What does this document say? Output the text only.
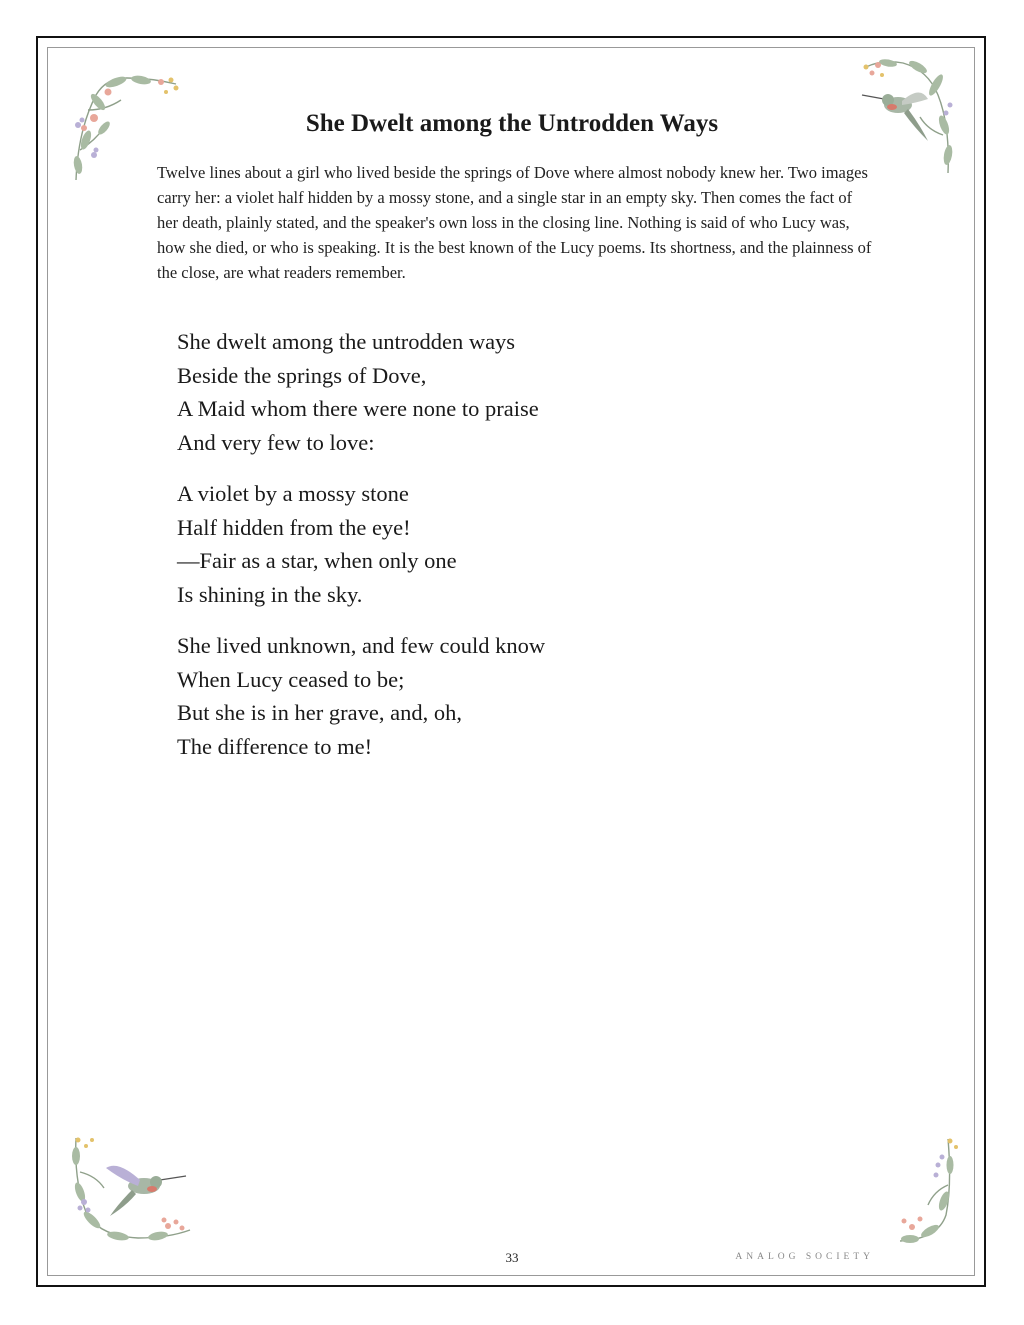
She Dwelt among the Untrodden Ways

Twelve lines about a girl who lived beside the springs of Dove where almost nobody knew her. Two images carry her: a violet half hidden by a mossy stone, and a single star in an empty sky. Then comes the fact of her death, plainly stated, and the speaker's own loss in the closing line. Nothing is said of who Lucy was, how she died, or who is speaking. It is the best known of the Lucy poems. Its shortness, and the plainness of the close, are what readers remember.

She dwelt among the untrodden ways
Beside the springs of Dove,
A Maid whom there were none to praise
And very few to love:
A violet by a mossy stone
Half hidden from the eye!
—Fair as a star, when only one
Is shining in the sky.
She lived unknown, and few could know
When Lucy ceased to be;
But she is in her grave, and, oh,
The difference to me!
33	ANALOG SOCIETY
